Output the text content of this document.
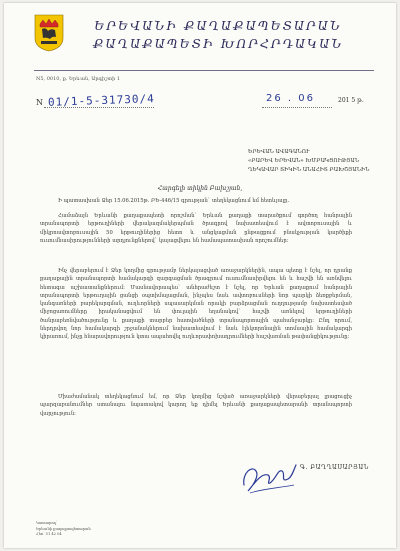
ԵՐԵՎԱՆԻ ՔԱՂԱՔԱՊԵՏԱՐԱՆ
ՔԱՂԱՔԱՊԵՏԻ ԽՈՐՀՐԴԱԿԱՆ
N5, 0010, ք. Երևան, Արգիշտի 1
N 01/1-5-31730/4	26 . 06	201 5 թ.
ԵՐԵՎԱՆ ԱՎԱԳԱՆՈՒ
«ԲԱՐԵՎ ԵՐԵՎԱՆ» ԽՄԲԱԿՑՈՒԹՅԱՆ
ՂԵԿԱՎԱՐ ՏԻԿԻՆ ԱՆԱՀԻՏ ԲԱԽՇՅԱՆԻՆ
Հարգելի տիկին Բախշյան,
Ի պատասխան Ձեր 15.06.2015թ. ԲԵ-446/15 գրության` տեղեկացնում եմ հետևյալը.
Համաձայն Երևանի քաղաքապետի որոշման՝ Երևան քաղաքի տարածքում գործող հանրային տրանսպորտի երթուղիների վերակազմակերպման ծրագրով նախատեսվում է ավտոբուսային և միկրոավտոբուսային 50 երթուղիներից հետո և անցկացման ընթացքում բնակչության կարծիքի ուսումնասիրությունների արդյունքներով` կայացվելու են համապատասխան որոշումներ:
Ինչ վերաբերում է Ձեր կողմից գրությամբ ներկայացված առաջարկներին, ապա պետք է նշել, որ դրանք քաղաքային տրանսպորտի համակարգի զարգացման ծրագրում ուսումնասիրվելու են և հաշվի են առնվելու հետագա աշխատանքներում: Մասնավորապես` անհրաժեշտ է նշել, որ Երևան քաղաքում հանրային տրանսպորտի երթուղային ցանցի օպտիմալացման, ինչպես նաև ավտոբուսների նոր պարկի ձեռքբերման, կանգառների բարեկարգման, ուղևորների սպասարկման որակի բարձրացման ուղղությամբ նախատեսված միջոցառումները իրականացվում են փուլային եղանակով` հաշվի առնելով երթուղիների ծանրաբեռնվածությունը և քաղաքի տարբեր հատվածների տրանսպորտային պահանջարկը: Ընդ որում, ներդրվող նոր համակարգի շրջանակներում նախատեսվում է նաև էլեկտրոնային տոմսային համակարգի կիրառում, ինչը հնարավորություն կտա ապահովել ուղևորափոխադրումների հաշվառման թափանցիկությունը:
Միաժամանակ տեղեկացնում եմ, որ Ձեր կողմից նշված առաջարկների վերաբերյալ լրացուցիչ պարզաբանումներ ստանալու նպատակով կարող եք դիմել Երևանի քաղաքապետարանի տրանսպորտի վարչություն:
Գ. ԲԱՂՂԱՍԱՐՅԱՆ
Կատարող՝
Երևանի քաղաքապետարան
Հեռ՝ 51 42 04
